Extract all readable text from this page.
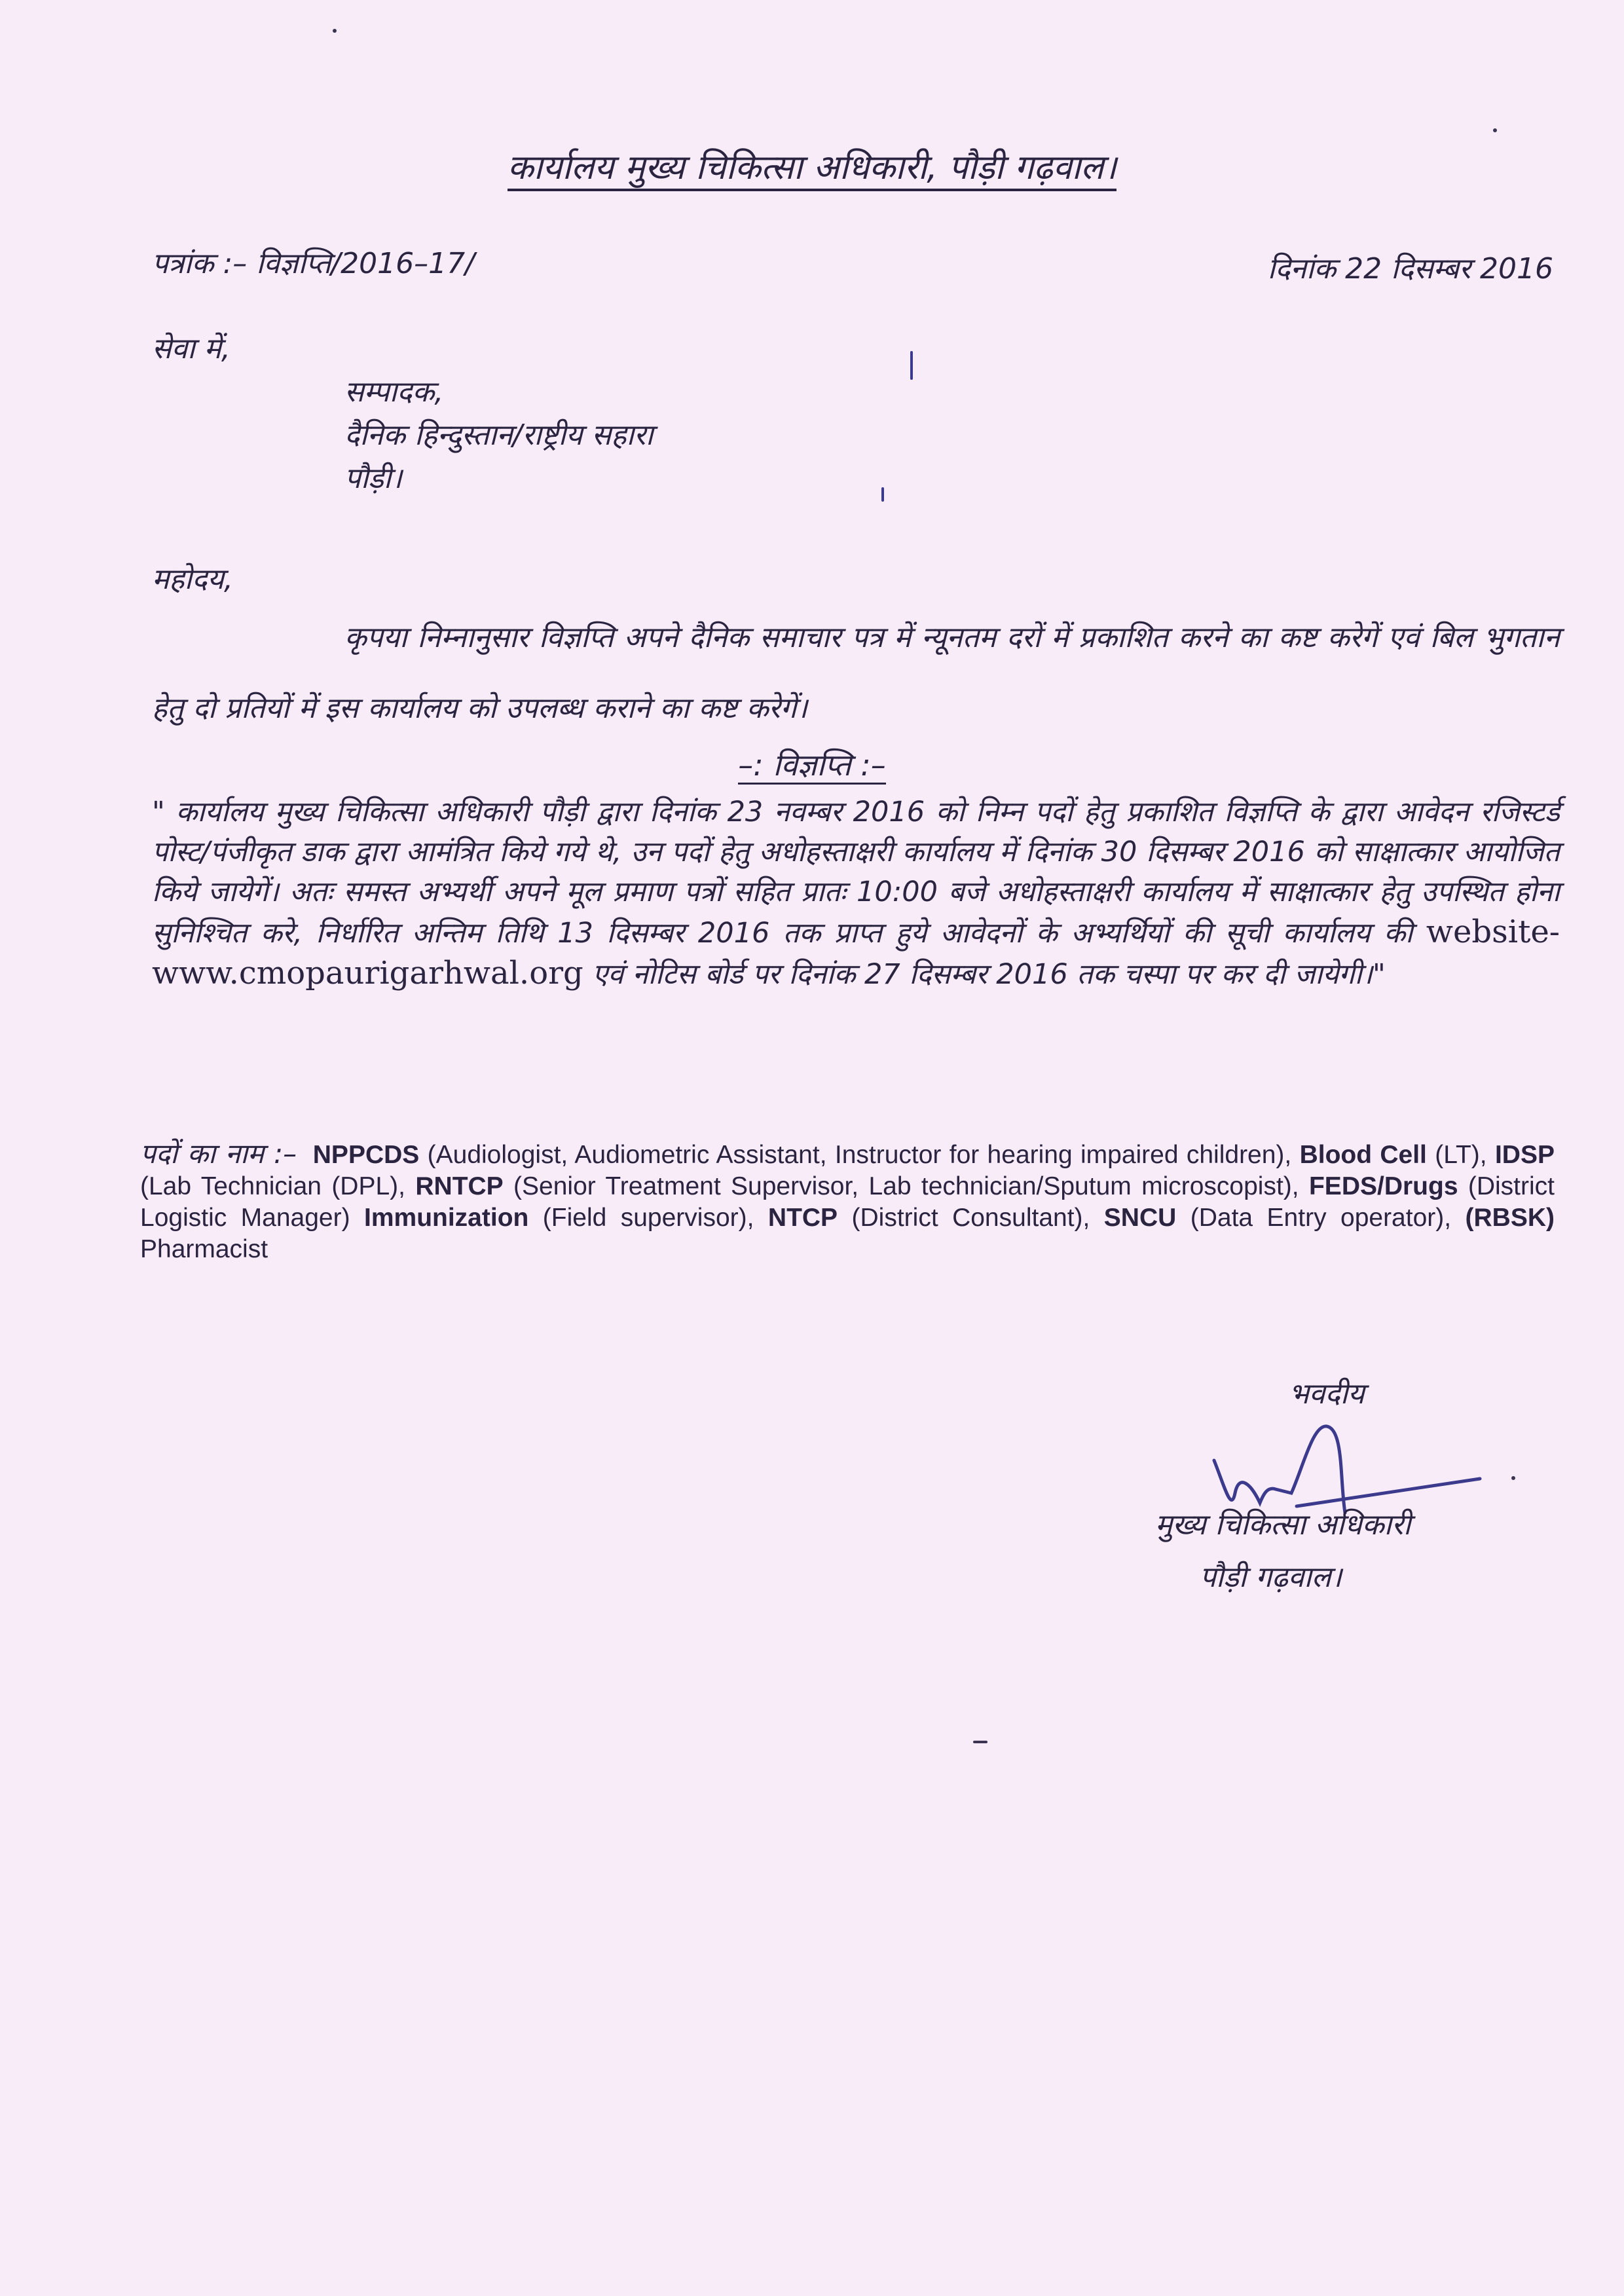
कार्यालय मुख्य चिकित्सा अधिकारी, पौड़ी गढ़वाल।
पत्रांक :– विज्ञप्ति/2016–17/	दिनांक 22 दिसम्बर 2016
सेवा में,
सम्पादक,
दैनिक हिन्दुस्तान/राष्ट्रीय सहारा
पौड़ी।
महोदय,
कृपया निम्नानुसार विज्ञप्ति अपने दैनिक समाचार पत्र में न्यूनतम दरों में प्रकाशित करने का कष्ट करेगें एवं बिल भुगतान हेतु दो प्रतियों में इस कार्यालय को उपलब्ध कराने का कष्ट करेगें।
–: विज्ञप्ति :–
" कार्यालय मुख्य चिकित्सा अधिकारी पौड़ी द्वारा दिनांक 23 नवम्बर 2016 को निम्न पदों हेतु प्रकाशित विज्ञप्ति के द्वारा आवेदन रजिस्टर्ड पोस्ट/पंजीकृत डाक द्वारा आमंत्रित किये गये थे, उन पदों हेतु अधोहस्ताक्षरी कार्यालय में दिनांक 30 दिसम्बर 2016 को साक्षात्कार आयोजित किये जायेगें। अतः समस्त अभ्यर्थी अपने मूल प्रमाण पत्रों सहित प्रातः 10:00 बजे अधोहस्ताक्षरी कार्यालय में साक्षात्कार हेतु उपस्थित होना सुनिश्चित करे, निर्धारित अन्तिम तिथि 13 दिसम्बर 2016 तक प्राप्त हुये आवेदनों के अभ्यर्थियों की सूची कार्यालय की website- www.cmopaurigarhwal.org एवं नोटिस बोर्ड पर दिनांक 27 दिसम्बर 2016 तक चस्पा पर कर दी जायेगी।"
पदों का नाम :– NPPCDS (Audiologist, Audiometric Assistant, Instructor for hearing impaired children), Blood Cell (LT), IDSP (Lab Technician (DPL), RNTCP (Senior Treatment Supervisor, Lab technician/Sputum microscopist), FEDS/Drugs (District Logistic Manager) Immunization (Field supervisor), NTCP (District Consultant), SNCU (Data Entry operator), (RBSK) Pharmacist
भवदीय
मुख्य चिकित्सा अधिकारी
पौड़ी गढ़वाल।
